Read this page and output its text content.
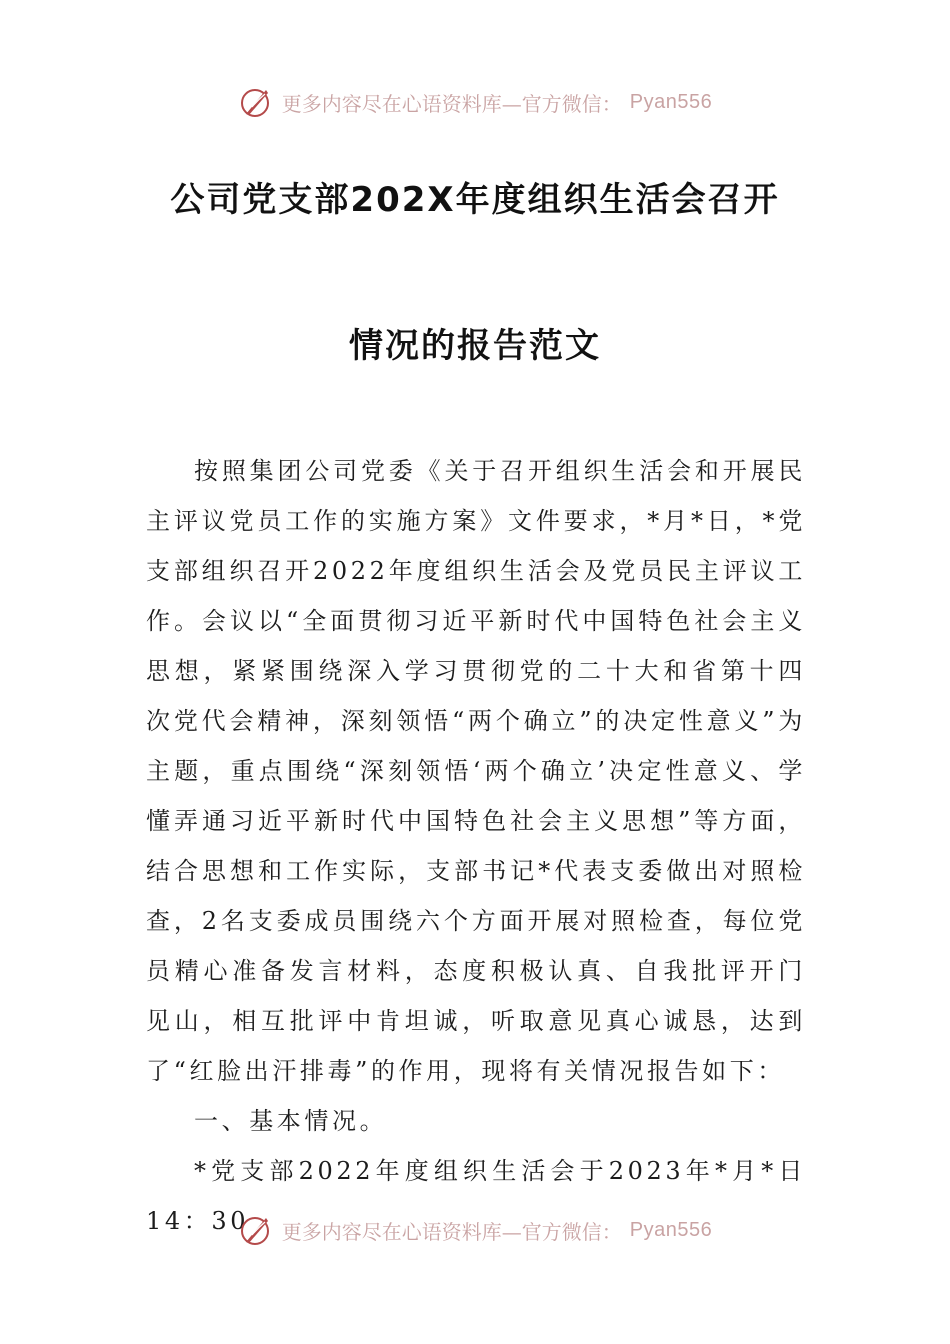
更多内容尽在心语资料库—官方微信： Pyan556
公司党支部202X年度组织生活会召开
情况的报告范文

按照集团公司党委《关于召开组织生活会和开展民主评议党员工作的实施方案》文件要求，*月*日，*党支部组织召开2022年度组织生活会及党员民主评议工作。会议以“全面贯彻习近平新时代中国特色社会主义思想，紧紧围绕深入学习贯彻党的二十大和省第十四次党代会精神，深刻领悟“两个确立”的决定性意义”为主题，重点围绕“深刻领悟‘两个确立’决定性意义、学懂弄通习近平新时代中国特色社会主义思想”等方面，结合思想和工作实际，支部书记*代表支委做出对照检查，2名支委成员围绕六个方面开展对照检查，每位党员精心准备发言材料，态度积极认真、自我批评开门见山，相互批评中肯坦诚，听取意见真心诚恳，达到了“红脸出汗排毒”的作用，现将有关情况报告如下：

一、基本情况。

*党支部2022年度组织生活会于2023年*月*日14：30	更多内容尽在心语资料库—官方微信： Pyan556
